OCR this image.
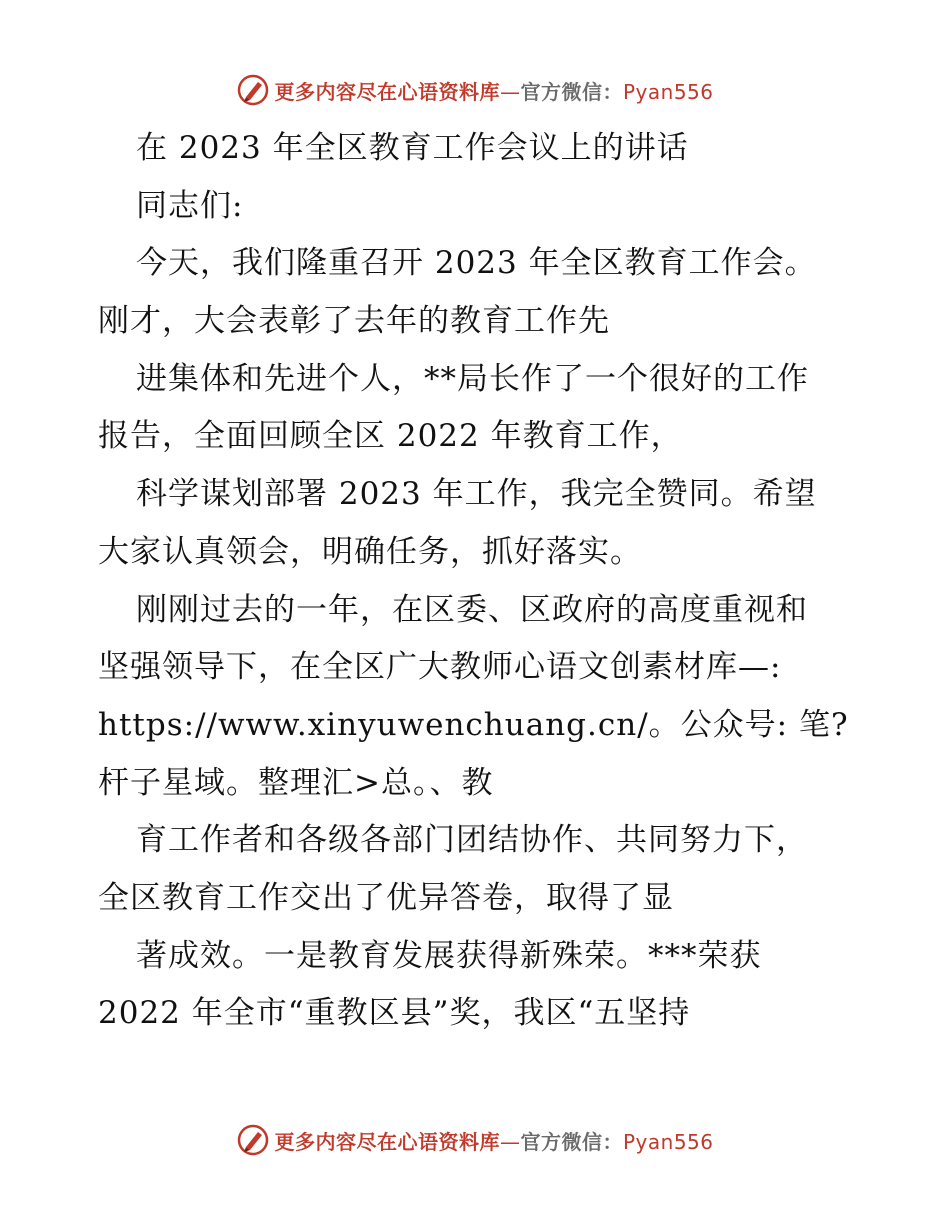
更多内容尽在心语资料库—官方微信：Pyan556
在 2023 年全区教育工作会议上的讲话
同志们:
今天，我们隆重召开 2023 年全区教育工作会。
刚才，大会表彰了去年的教育工作先
进集体和先进个人，**局长作了一个很好的工作
报告，全面回顾全区 2022 年教育工作，
科学谋划部署 2023 年工作，我完全赞同。希望
大家认真领会，明确任务，抓好落实。
刚刚过去的一年，在区委、区政府的高度重视和
坚强领导下，在全区广大教师心语文创素材库—:
https://www.xinyuwenchuang.cn/。公众号: 笔?
杆子星域。整理汇>总。、教
育工作者和各级各部门团结协作、共同努力下，
全区教育工作交出了优异答卷，取得了显
著成效。一是教育发展获得新殊荣。***荣获
2022 年全市“重教区县”奖，我区“五坚持
更多内容尽在心语资料库—官方微信：Pyan556
